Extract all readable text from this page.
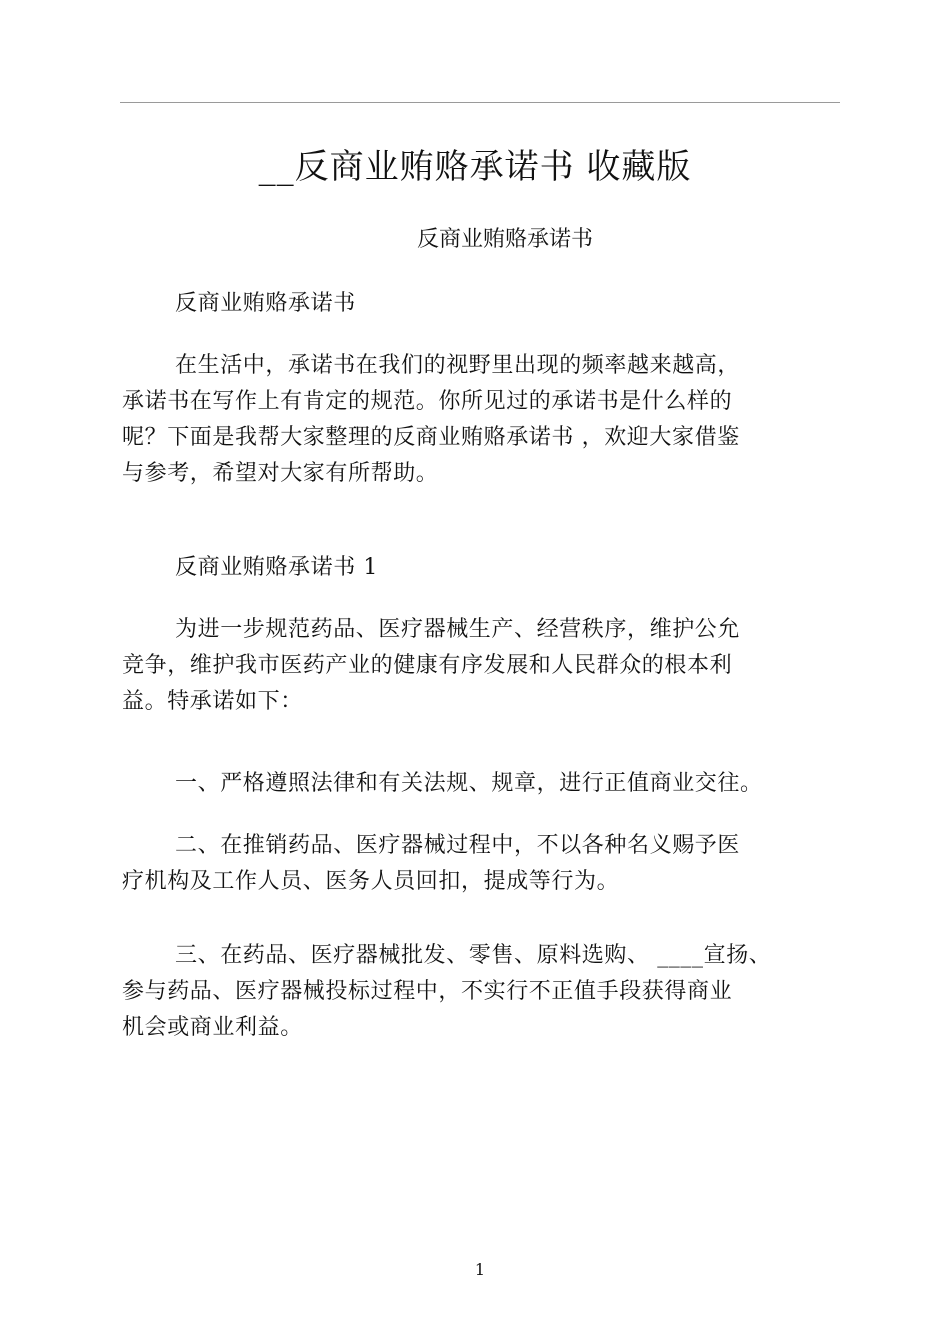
__反商业贿赂承诺书 收藏版
反商业贿赂承诺书
反商业贿赂承诺书
在生活中，承诺书在我们的视野里出现的频率越来越高，
承诺书在写作上有肯定的规范。你所见过的承诺书是什么样的
呢？下面是我帮大家整理的反商业贿赂承诺书 ，欢迎大家借鉴
与参考，希望对大家有所帮助。
反商业贿赂承诺书 1
为进一步规范药品、医疗器械生产、经营秩序，维护公允
竞争，维护我市医药产业的健康有序发展和人民群众的根本利
益。特承诺如下：
一、严格遵照法律和有关法规、规章，进行正值商业交往。
二、在推销药品、医疗器械过程中，不以各种名义赐予医
疗机构及工作人员、医务人员回扣，提成等行为。
三、在药品、医疗器械批发、零售、原料选购、 ____宣扬、
参与药品、医疗器械投标过程中，不实行不正值手段获得商业
机会或商业利益。
1
